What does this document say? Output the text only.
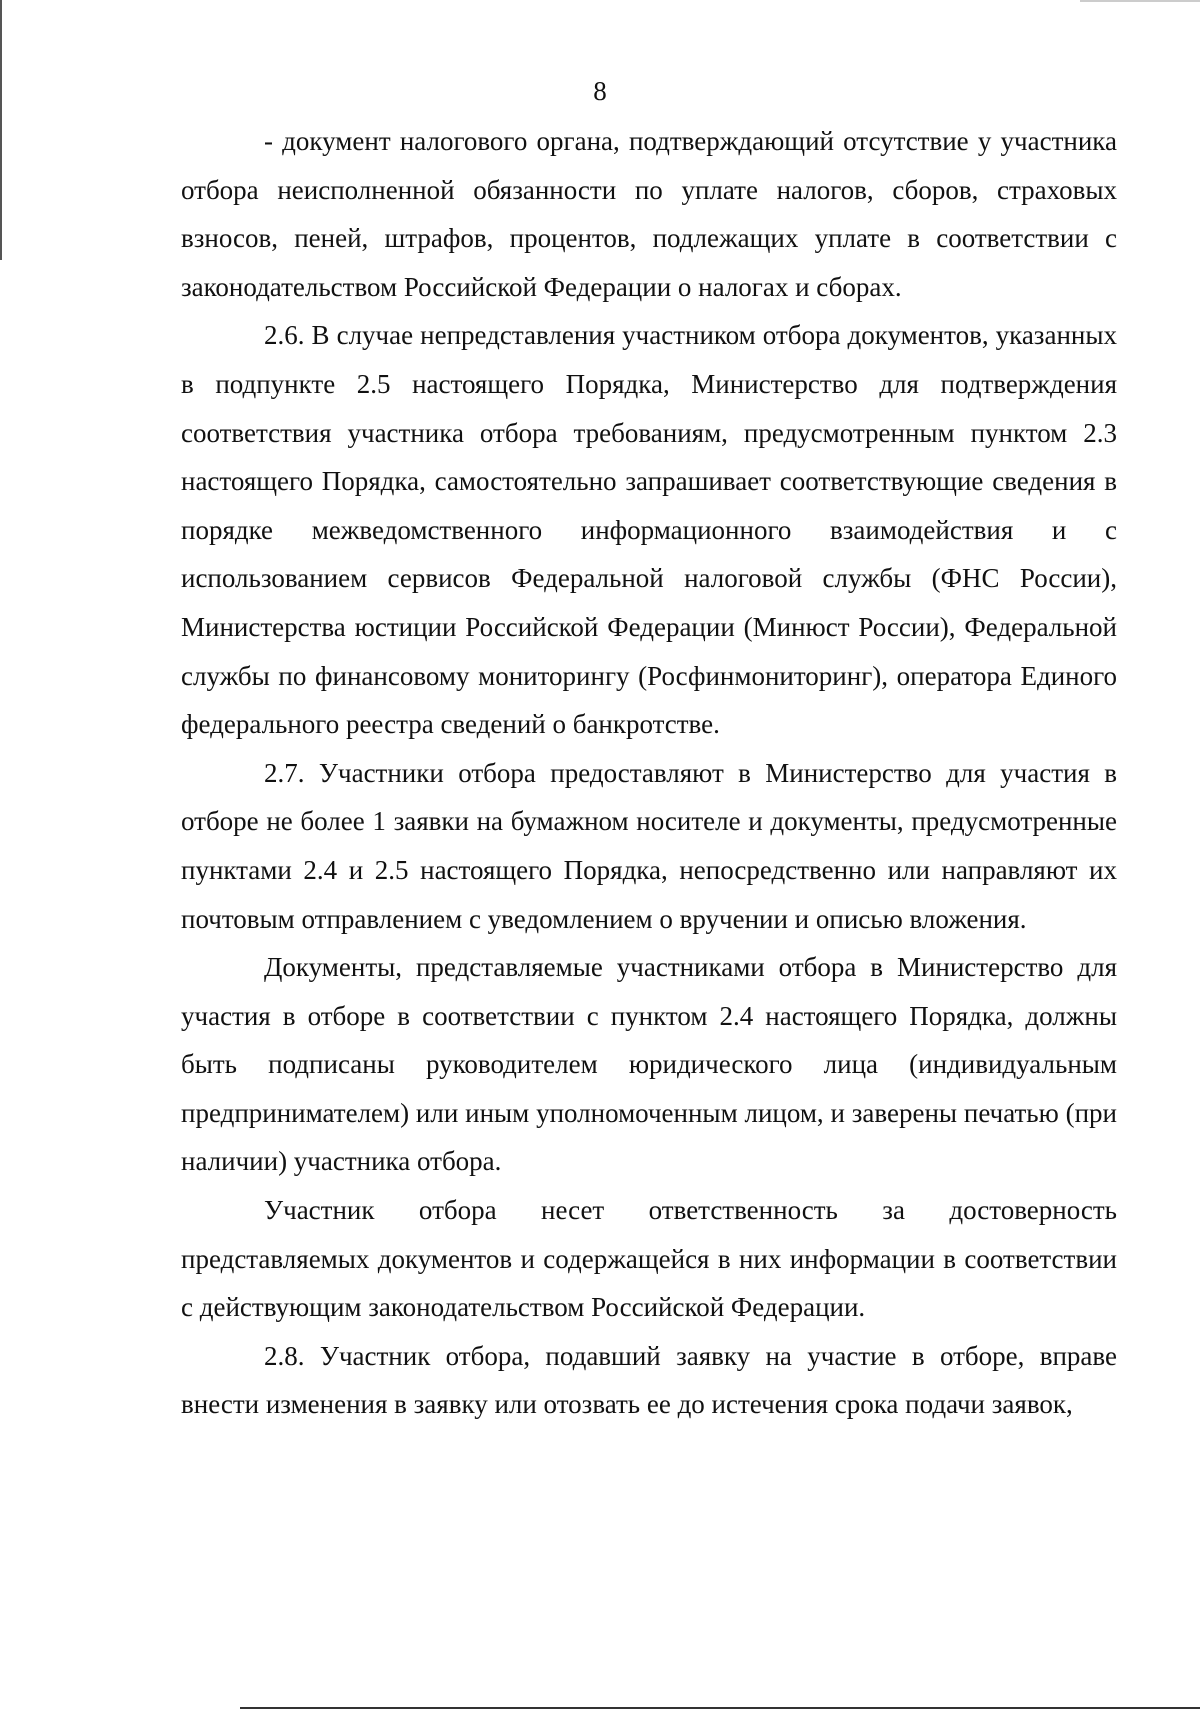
8

- документ налогового органа, подтверждающий отсутствие у участника отбора неисполненной обязанности по уплате налогов, сборов, страховых взносов, пеней, штрафов, процентов, подлежащих уплате в соответствии с законодательством Российской Федерации о налогах и сборах.

2.6. В случае непредставления участником отбора документов, указанных в подпункте 2.5 настоящего Порядка, Министерство для подтверждения соответствия участника отбора требованиям, предусмотренным пунктом 2.3 настоящего Порядка, самостоятельно запрашивает соответствующие сведения в порядке межведомственного информационного взаимодействия и с использованием сервисов Федеральной налоговой службы (ФНС России), Министерства юстиции Российской Федерации (Минюст России), Федеральной службы по финансовому мониторингу (Росфинмониторинг), оператора Единого федерального реестра сведений о банкротстве.

2.7. Участники отбора предоставляют в Министерство для участия в отборе не более 1 заявки на бумажном носителе и документы, предусмотренные пунктами 2.4 и 2.5 настоящего Порядка, непосредственно или направляют их почтовым отправлением с уведомлением о вручении и описью вложения.

Документы, представляемые участниками отбора в Министерство для участия в отборе в соответствии с пунктом 2.4 настоящего Порядка, должны быть подписаны руководителем юридического лица (индивидуальным предпринимателем) или иным уполномоченным лицом, и заверены печатью (при наличии) участника отбора.

Участник отбора несет ответственность за достоверность представляемых документов и содержащейся в них информации в соответствии с действующим законодательством Российской Федерации.

2.8. Участник отбора, подавший заявку на участие в отборе, вправе внести изменения в заявку или отозвать ее до истечения срока подачи заявок,
